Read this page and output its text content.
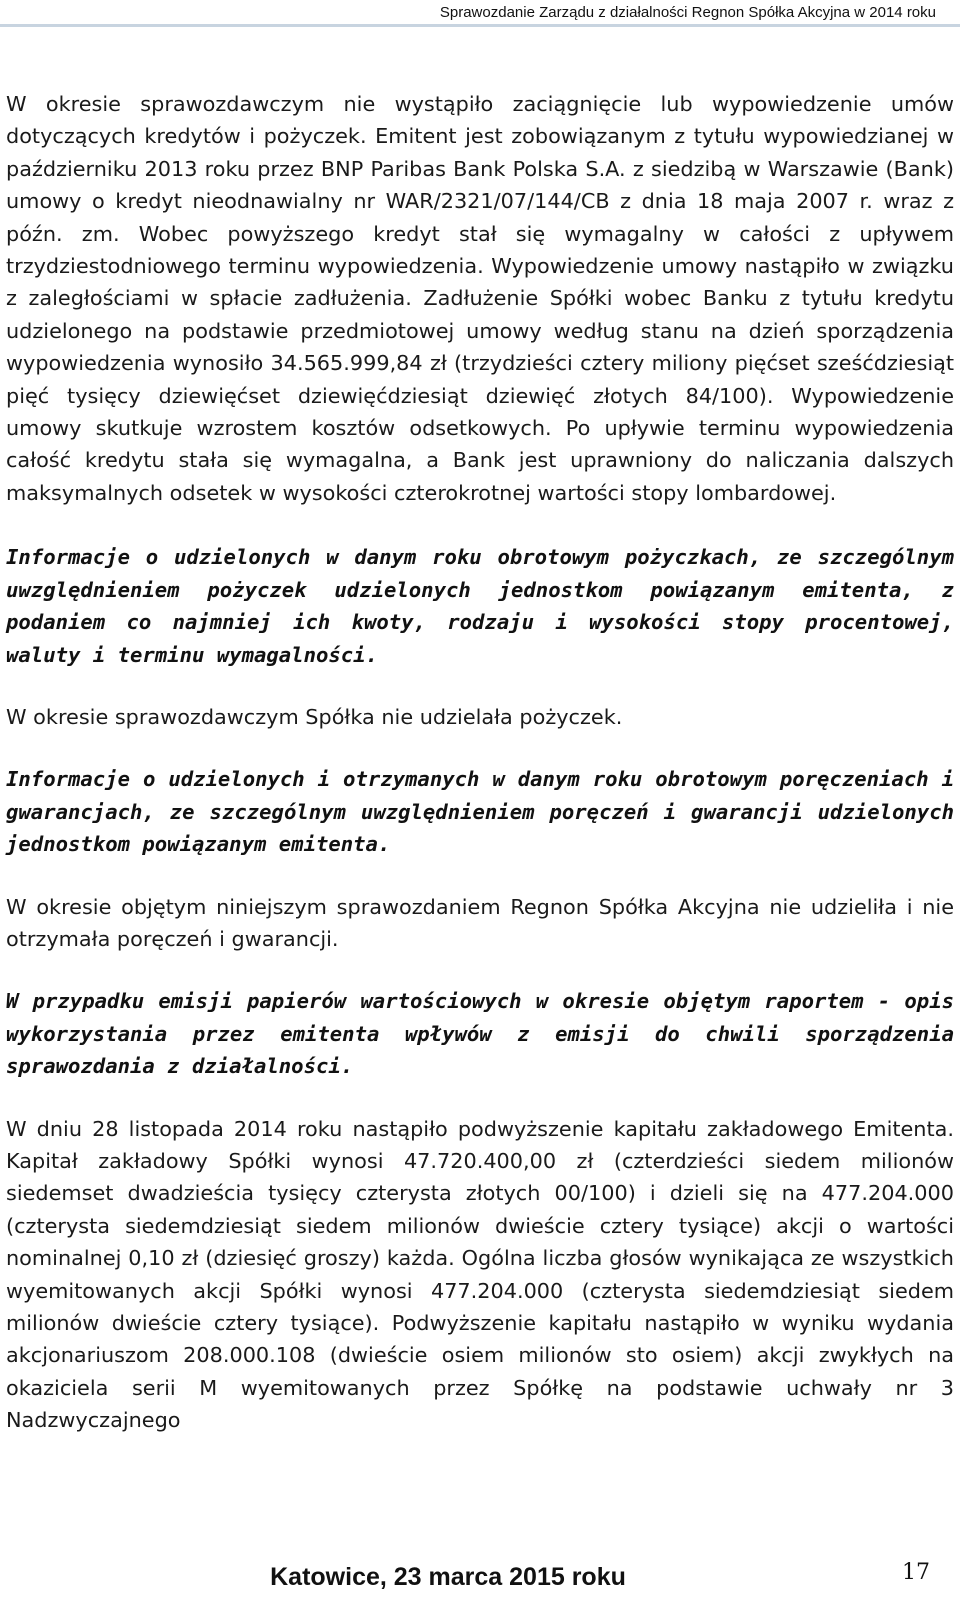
Sprawozdanie Zarządu z działalności Regnon Spółka Akcyjna w 2014 roku

W okresie sprawozdawczym nie wystąpiło zaciągnięcie lub wypowiedzenie umów dotyczących kredytów i pożyczek. Emitent jest zobowiązanym z tytułu wypowiedzianej w październiku 2013 roku przez BNP Paribas Bank Polska S.A. z siedzibą w Warszawie (Bank) umowy o kredyt nieodnawialny nr WAR/2321/07/144/CB z dnia 18 maja 2007 r. wraz z późn. zm. Wobec powyższego kredyt stał się wymagalny w całości z upływem trzydziestodniowego terminu wypowiedzenia. Wypowiedzenie umowy nastąpiło w związku z zaległościami w spłacie zadłużenia. Zadłużenie Spółki wobec Banku z tytułu kredytu udzielonego na podstawie przedmiotowej umowy według stanu na dzień sporządzenia wypowiedzenia wynosiło 34.565.999,84 zł (trzydzieści cztery miliony pięćset sześćdziesiąt pięć tysięcy dziewięćset dziewięćdziesiąt dziewięć złotych 84/100). Wypowiedzenie umowy skutkuje wzrostem kosztów odsetkowych. Po upływie terminu wypowiedzenia całość kredytu stała się wymagalna, a Bank jest uprawniony do naliczania dalszych maksymalnych odsetek w wysokości czterokrotnej wartości stopy lombardowej.

Informacje o udzielonych w danym roku obrotowym pożyczkach, ze szczególnym uwzględnieniem pożyczek udzielonych jednostkom powiązanym emitenta, z podaniem co najmniej ich kwoty, rodzaju i wysokości stopy procentowej, waluty i terminu wymagalności.

W okresie sprawozdawczym Spółka nie udzielała pożyczek.

Informacje o udzielonych i otrzymanych w danym roku obrotowym poręczeniach i gwarancjach, ze szczególnym uwzględnieniem poręczeń i gwarancji udzielonych jednostkom powiązanym emitenta.

W okresie objętym niniejszym sprawozdaniem Regnon Spółka Akcyjna nie udzieliła i nie otrzymała poręczeń i gwarancji.

W przypadku emisji papierów wartościowych w okresie objętym raportem - opis wykorzystania przez emitenta wpływów z emisji do chwili sporządzenia sprawozdania z działalności.

W dniu 28 listopada 2014 roku nastąpiło podwyższenie kapitału zakładowego Emitenta. Kapitał zakładowy Spółki wynosi 47.720.400,00 zł (czterdzieści siedem milionów siedemset dwadzieścia tysięcy czterysta złotych 00/100) i dzieli się na 477.204.000 (czterysta siedemdziesiąt siedem milionów dwieście cztery tysiące) akcji o wartości nominalnej 0,10 zł (dziesięć groszy) każda. Ogólna liczba głosów wynikająca ze wszystkich wyemitowanych akcji Spółki wynosi 477.204.000 (czterysta siedemdziesiąt siedem milionów dwieście cztery tysiące). Podwyższenie kapitału nastąpiło w wyniku wydania akcjonariuszom 208.000.108 (dwieście osiem milionów sto osiem) akcji zwykłych na okaziciela serii M wyemitowanych przez Spółkę na podstawie uchwały nr 3 Nadzwyczajnego

Katowice, 23 marca 2015 roku	17
